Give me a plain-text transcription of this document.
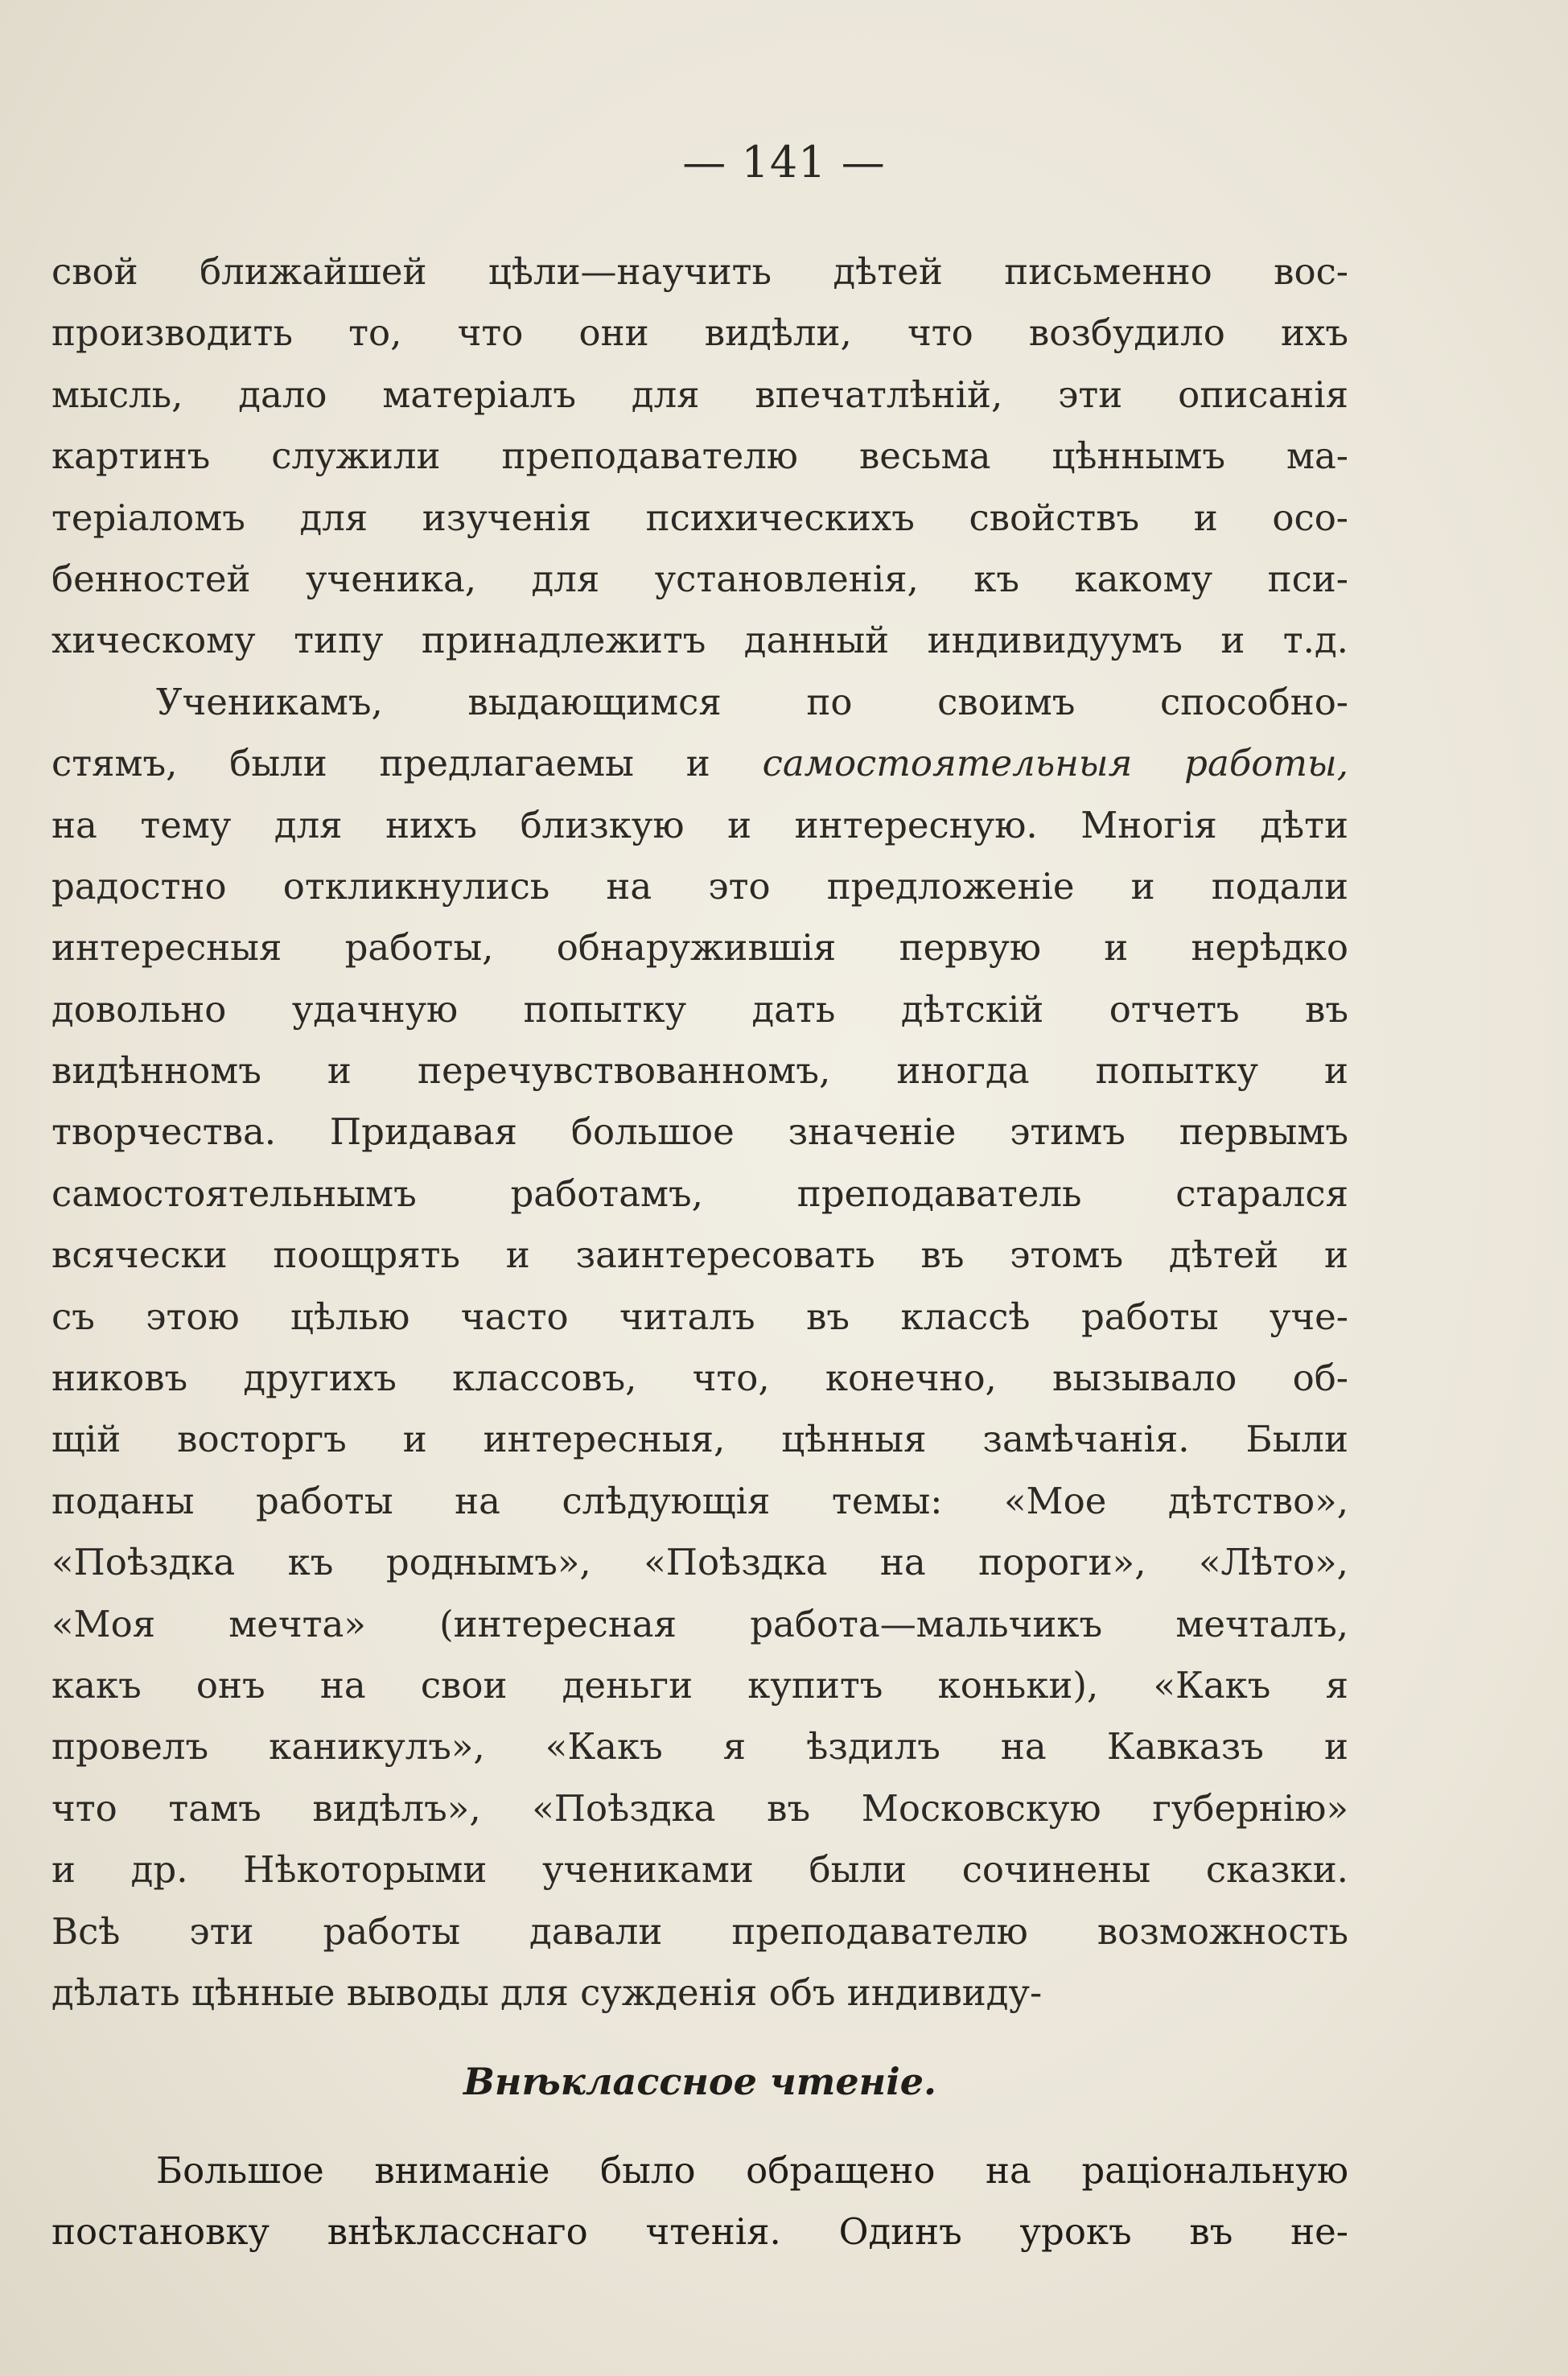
— 141 —
свой ближайшей цѣли—научить дѣтей письменно вос-
производить то, что они видѣли, что возбудило ихъ
мысль, дало матеріалъ для впечатлѣній, эти описанія
картинъ служили преподавателю весьма цѣннымъ ма-
теріаломъ для изученія психическихъ свойствъ и осо-
бенностей ученика, для установленія, къ какому пси-
хическому типу принадлежитъ данный индивидуумъ и т.д.
Ученикамъ, выдающимся по своимъ способно-
стямъ, были предлагаемы и самостоятельныя работы,
на тему для нихъ близкую и интересную. Многія дѣти
радостно откликнулись на это предложеніе и подали
интересныя работы, обнаружившія первую и нерѣдко
довольно удачную попытку дать дѣтскій отчетъ въ
видѣнномъ и перечувствованномъ, иногда попытку и
творчества. Придавая большое значеніе этимъ первымъ
самостоятельнымъ работамъ, преподаватель старался
всячески поощрять и заинтересовать въ этомъ дѣтей и
съ этою цѣлью часто читалъ въ классѣ работы уче-
никовъ другихъ классовъ, что, конечно, вызывало об-
щій восторгъ и интересныя, цѣнныя замѣчанія. Были
поданы работы на слѣдующія темы: «Мое дѣтство»,
«Поѣздка къ роднымъ», «Поѣздка на пороги», «Лѣто»,
«Моя мечта» (интересная работа—мальчикъ мечталъ,
какъ онъ на свои деньги купитъ коньки), «Какъ я
провелъ каникулъ», «Какъ я ѣздилъ на Кавказъ и
что тамъ видѣлъ», «Поѣздка въ Московскую губернію»
и др. Нѣкоторыми учениками были сочинены сказки.
Всѣ эти работы давали преподавателю возможность
дѣлать цѣнные выводы для сужденія объ индивиду-
Внѣклассное чтеніе.
Большое вниманіе было обращено на раціональную
постановку внѣкласснаго чтенія. Одинъ урокъ въ не-
